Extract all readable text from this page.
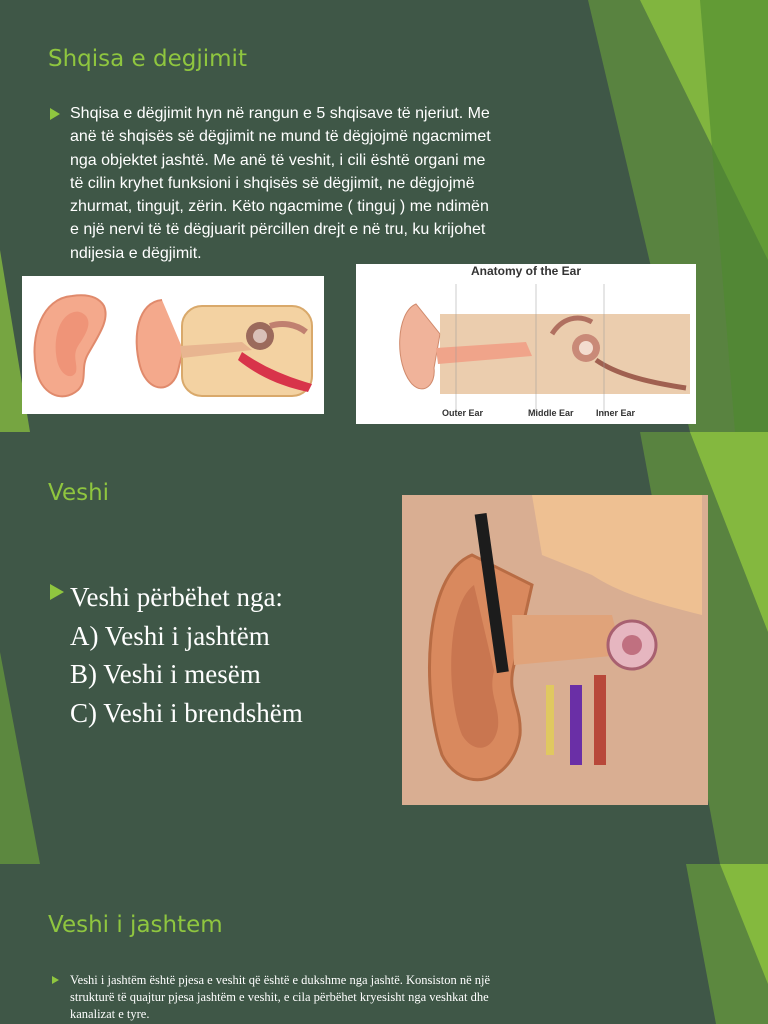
Shqisa e degjimit
Shqisa e dëgjimit hyn në rangun e 5 shqisave të njeriut. Me
anë të shqisës së dëgjimit ne mund të dëgjojmë ngacmimet
nga objektet jashtë. Me anë të veshit, i cili është organi me
të cilin kryhet funksioni i shqisës së dëgjimit, ne dëgjojmë
zhurmat, tingujt, zërin. Këto ngacmime ( tinguj ) me ndimën
e një nervi të të dëgjuarit përcillen drejt e në tru, ku krijohet
ndijesia e dëgjimit.
Anatomy of the Ear
Outer Ear	Middle Ear Inner Ear
Veshi
Veshi përbëhet nga:
A) Veshi i jashtëm
B) Veshi i mesëm
C) Veshi i brendshëm
Veshi i jashtem
Veshi i jashtëm është pjesa e veshit që është e dukshme nga jashtë. Konsiston në një
strukturë të quajtur pjesa jashtëm e veshit, e cila përbëhet kryesisht nga veshkat dhe
kanalizat e tyre.
